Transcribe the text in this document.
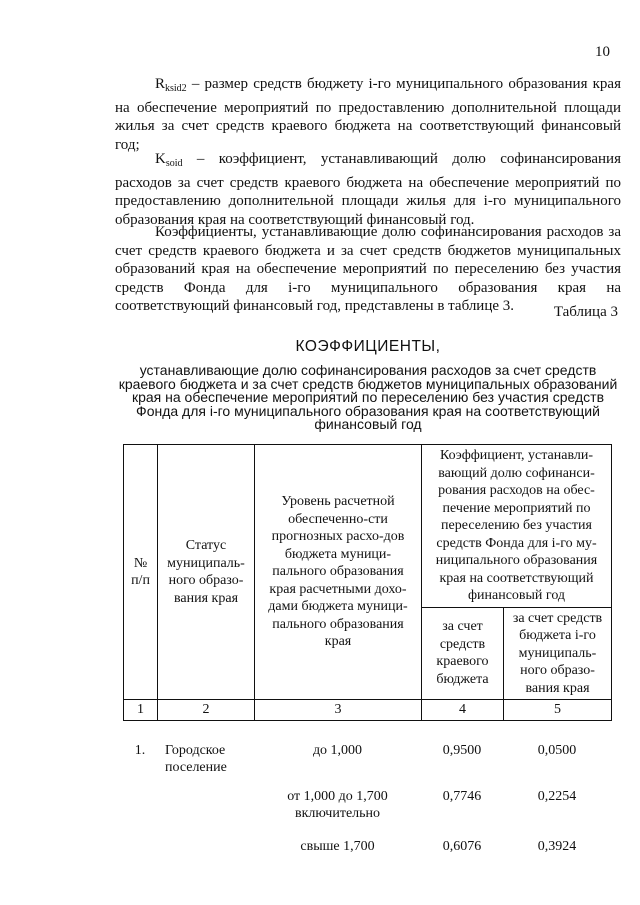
10
$R_{ksid2}$ – размер средств бюджету i-го муниципального образования края на обеспечение мероприятий по предоставлению дополнительной площади жилья за счет средств краевого бюджета на соответствующий финансовый год;
$K_{soid}$ – коэффициент, устанавливающий долю софинансирования расходов за счет средств краевого бюджета на обеспечение мероприятий по предоставлению дополнительной площади жилья для i-го муниципального образования края на соответствующий финансовый год.
Коэффициенты, устанавливающие долю софинансирования расходов за счет средств краевого бюджета и за счет средств бюджетов муниципальных образований края на обеспечение мероприятий по переселению без участия средств Фонда для i-го муниципального образования края на соответствующий финансовый год, представлены в таблице 3.	Таблица 3
КОЭФФИЦИЕНТЫ,
устанавливающие долю софинансирования расходов за счет средств краевого бюджета и за счет средств бюджетов муниципальных образований края на обеспечение мероприятий по переселению без участия средств Фонда для i-го муниципального образования края на соответствующий финансовый год
№ п/п	Статус муниципаль-ного образо-вания края	Уровень расчетной обеспеченно-сти прогнозных расхо-дов бюджета муници-пального образования края расчетными дохо-дами бюджета муници-пального образования края	Коэффициент, устанавли-вающий долю софинанси-рования расходов на обес-печение мероприятий по переселению без участия средств Фонда для i-го му-ниципального образования края на соответствующий финансовый год	
			за счет средств краевого бюджета	за счет средств бюджета i-го муниципаль-ного образо-вания края
1	2	3	4	5
1.	Городское поселение	до 1,000	0,9500	0,0500
		от 1,000 до 1,700 включительно	0,7746	0,2254
		свыше 1,700	0,6076	0,3924
